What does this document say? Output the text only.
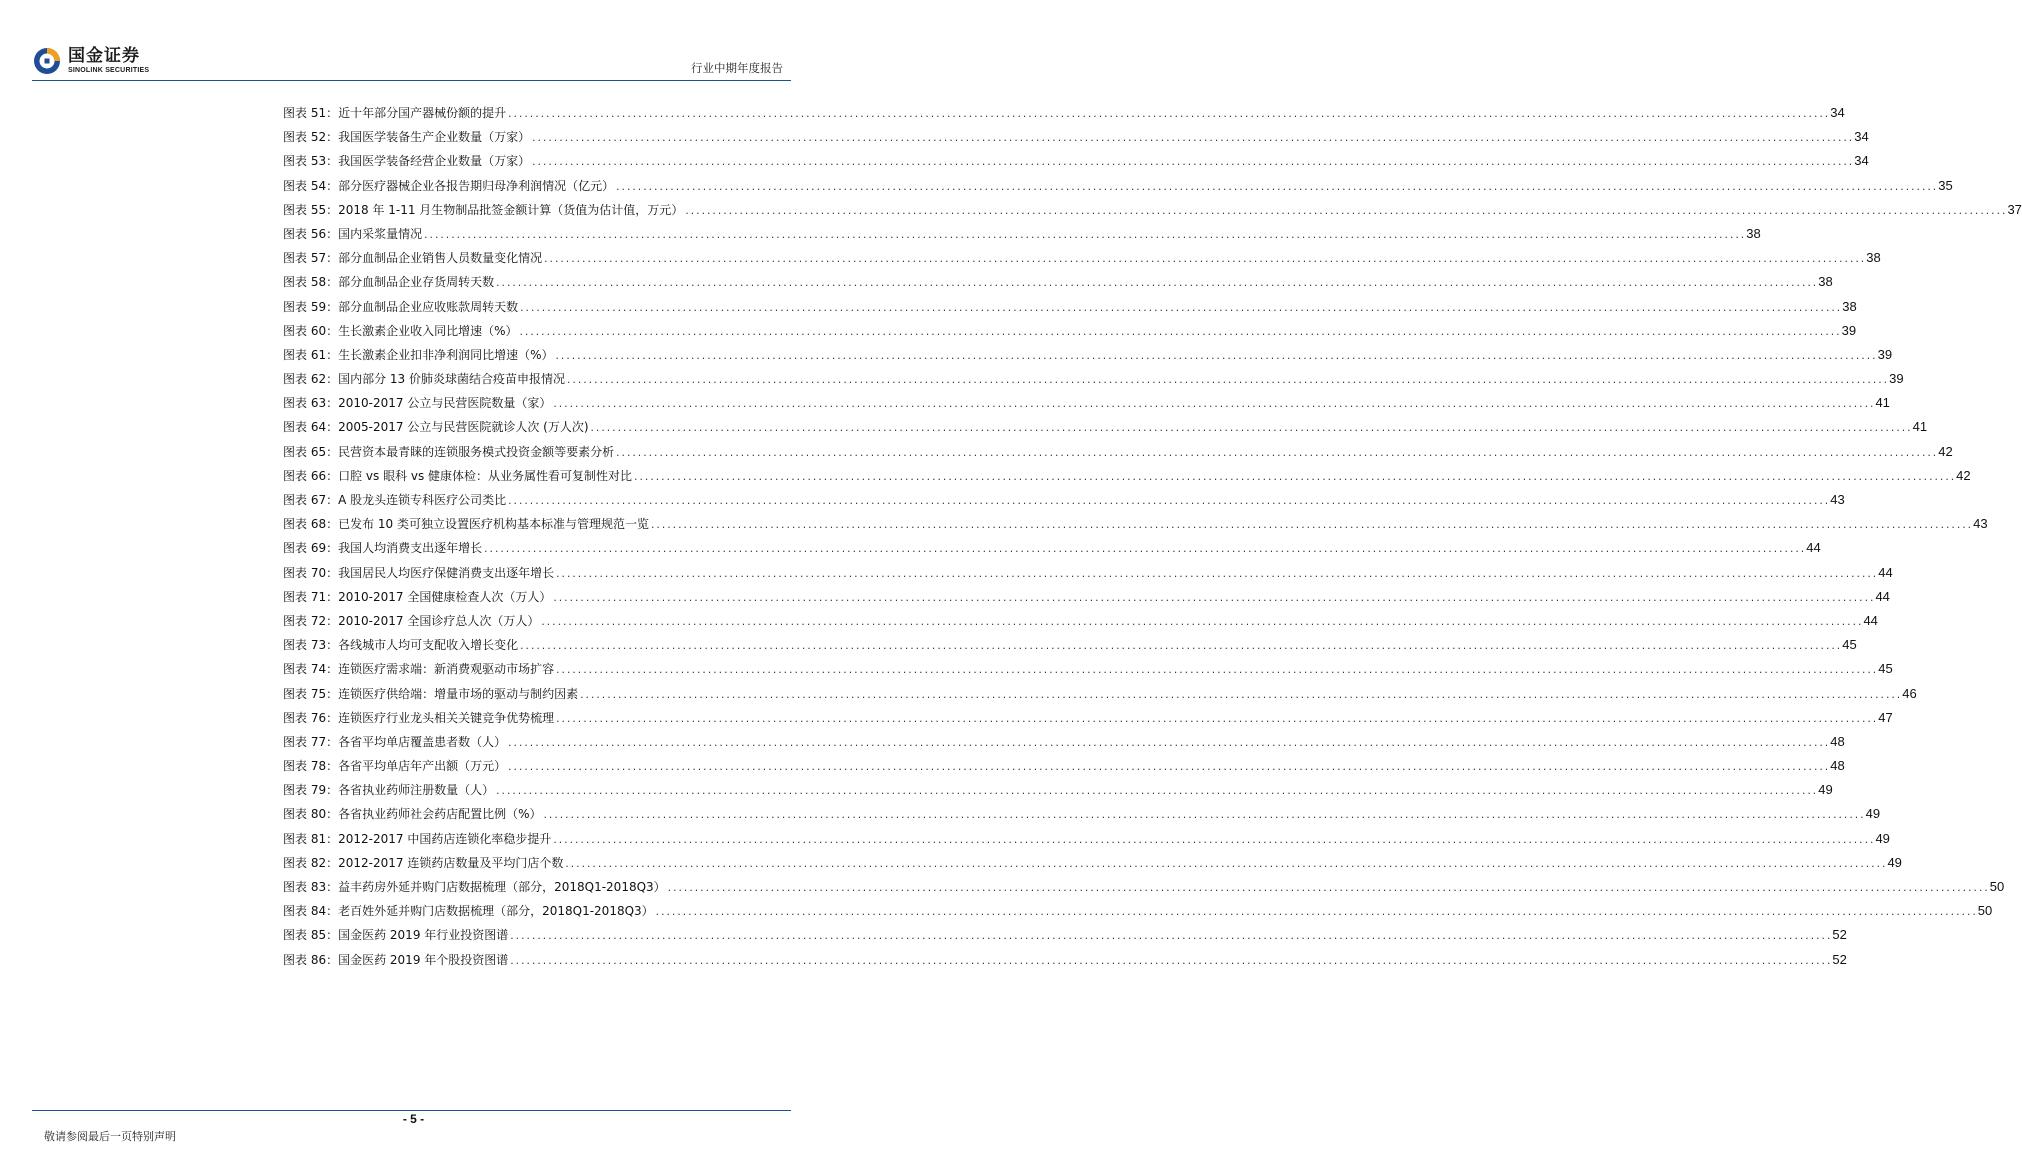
国金证券
SINOLINK SECURITIES	行业中期年度报告
图表 51： 近十年部分国产器械份额的提升 .....	34
图表 52： 我国医学装备生产企业数量（万家） .....	34
图表 53： 我国医学装备经营企业数量（万家） .....	34
图表 54： 部分医疗器械企业各报告期归母净利润情况（亿元） .....	35
图表 55： 2018 年 1-11 月生物制品批签金额计算（货值为估计值，万元） .....	37
图表 56： 国内采浆量情况 .....	38
图表 57： 部分血制品企业销售人员数量变化情况 .....	38
图表 58： 部分血制品企业存货周转天数 .....	38
图表 59： 部分血制品企业应收账款周转天数 .....	38
图表 60： 生长激素企业收入同比增速（%） .....	39
图表 61： 生长激素企业扣非净利润同比增速（%） .....	39
图表 62： 国内部分 13 价肺炎球菌结合疫苗申报情况 .....	39
图表 63： 2010-2017 公立与民营医院数量（家） .....	41
图表 64： 2005-2017 公立与民营医院就诊人次 (万人次) .....	41
图表 65： 民营资本最青睐的连锁服务模式投资金额等要素分析 .....	42
图表 66： 口腔 vs 眼科 vs 健康体检：从业务属性看可复制性对比 .....	42
图表 67： A 股龙头连锁专科医疗公司类比 .....	43
图表 68： 已发布 10 类可独立设置医疗机构基本标准与管理规范一览 .....	43
图表 69： 我国人均消费支出逐年增长 .....	44
图表 70： 我国居民人均医疗保健消费支出逐年增长 .....	44
图表 71： 2010-2017 全国健康检查人次（万人） .....	44
图表 72： 2010-2017 全国诊疗总人次（万人） .....	44
图表 73： 各线城市人均可支配收入增长变化 .....	45
图表 74： 连锁医疗需求端：新消费观驱动市场扩容 .....	45
图表 75： 连锁医疗供给端：增量市场的驱动与制约因素 .....	46
图表 76： 连锁医疗行业龙头相关关键竞争优势梳理 .....	47
图表 77： 各省平均单店覆盖患者数（人） .....	48
图表 78： 各省平均单店年产出额（万元） .....	48
图表 79： 各省执业药师注册数量（人） .....	49
图表 80： 各省执业药师社会药店配置比例（%） .....	49
图表 81： 2012-2017 中国药店连锁化率稳步提升 .....	49
图表 82： 2012-2017 连锁药店数量及平均门店个数 .....	49
图表 83： 益丰药房外延并购门店数据梳理（部分，2018Q1-2018Q3） .....	50
图表 84： 老百姓外延并购门店数据梳理（部分，2018Q1-2018Q3） .....	50
图表 85： 国金医药 2019 年行业投资图谱 .....	52
图表 86： 国金医药 2019 年个股投资图谱 .....	52
- 5 -
敬请参阅最后一页特别声明
